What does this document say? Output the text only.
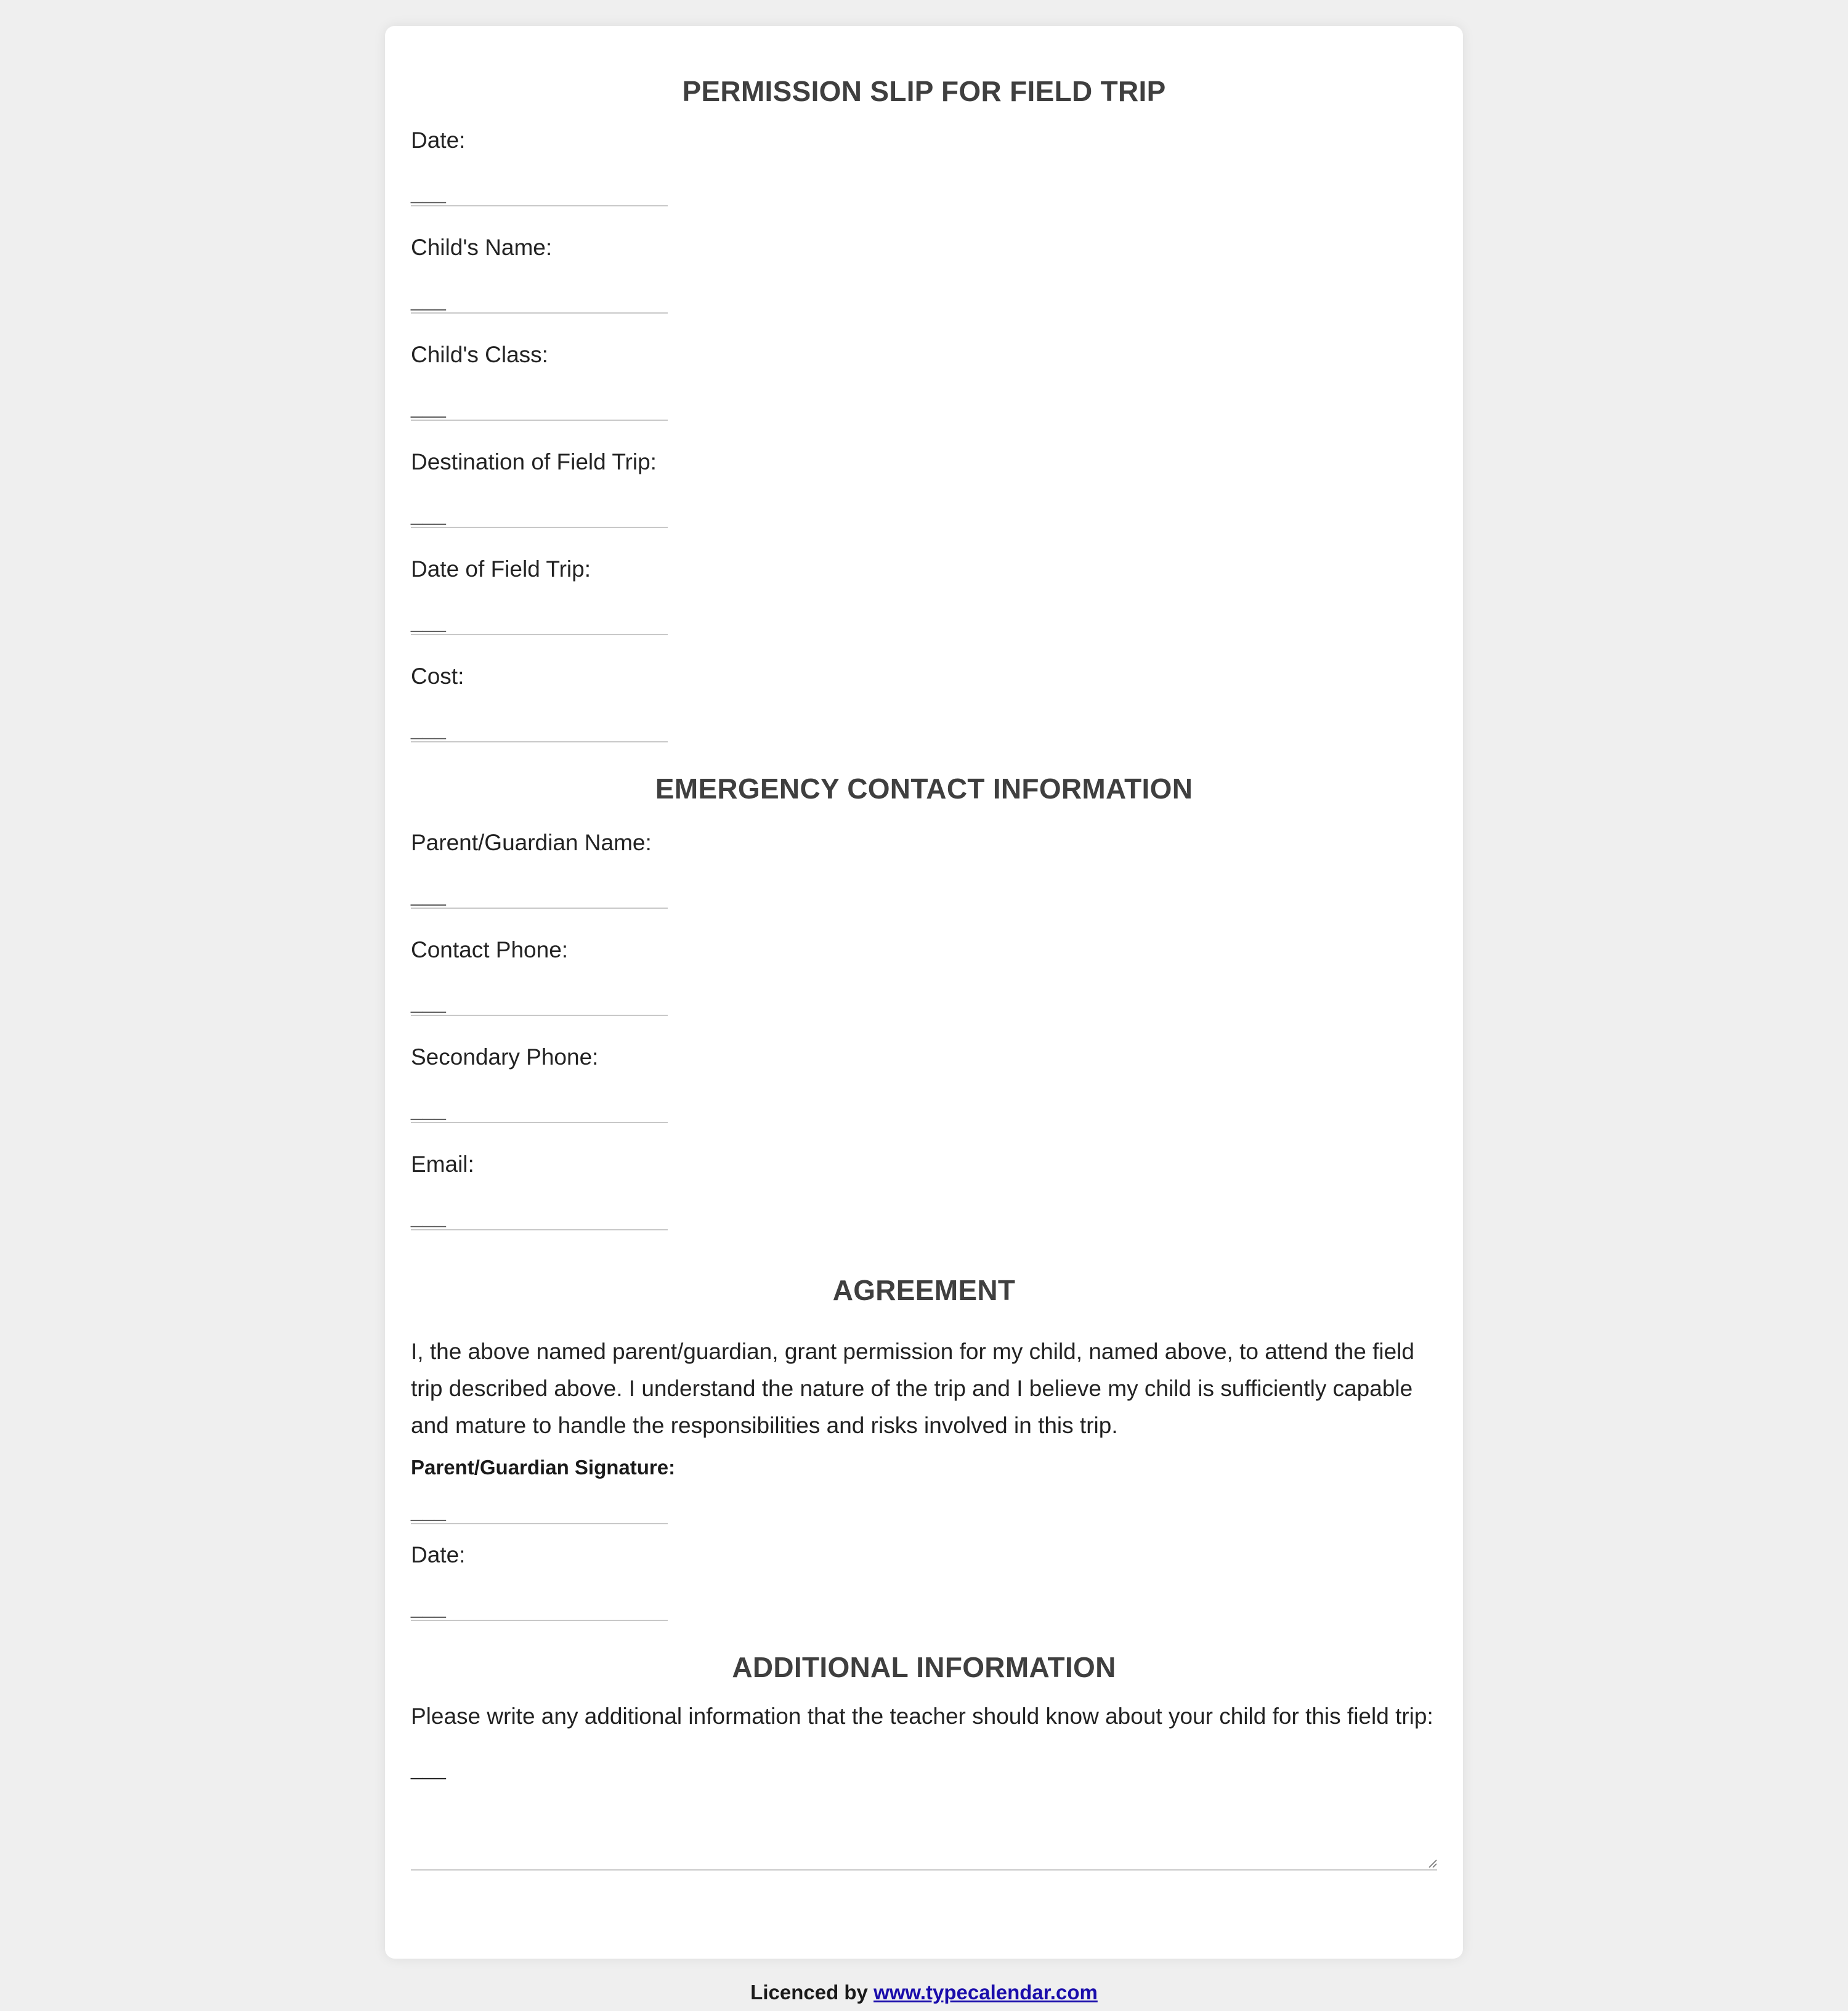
PERMISSION SLIP FOR FIELD TRIP
Date:
___
Child's Name:
___
Child's Class:
___
Destination of Field Trip:
___
Date of Field Trip:
___
Cost:
___
EMERGENCY CONTACT INFORMATION
Parent/Guardian Name:
___
Contact Phone:
___
Secondary Phone:
___
Email:
___
AGREEMENT

I, the above named parent/guardian, grant permission for my child, named above, to attend the field trip described above. I understand the nature of the trip and I believe my child is sufficiently capable and mature to handle the responsibilities and risks involved in this trip.

Parent/Guardian Signature:
___
Date:
___
ADDITIONAL INFORMATION

Please write any additional information that the teacher should know about your child for this field trip:

___
Licenced by www.typecalendar.com
